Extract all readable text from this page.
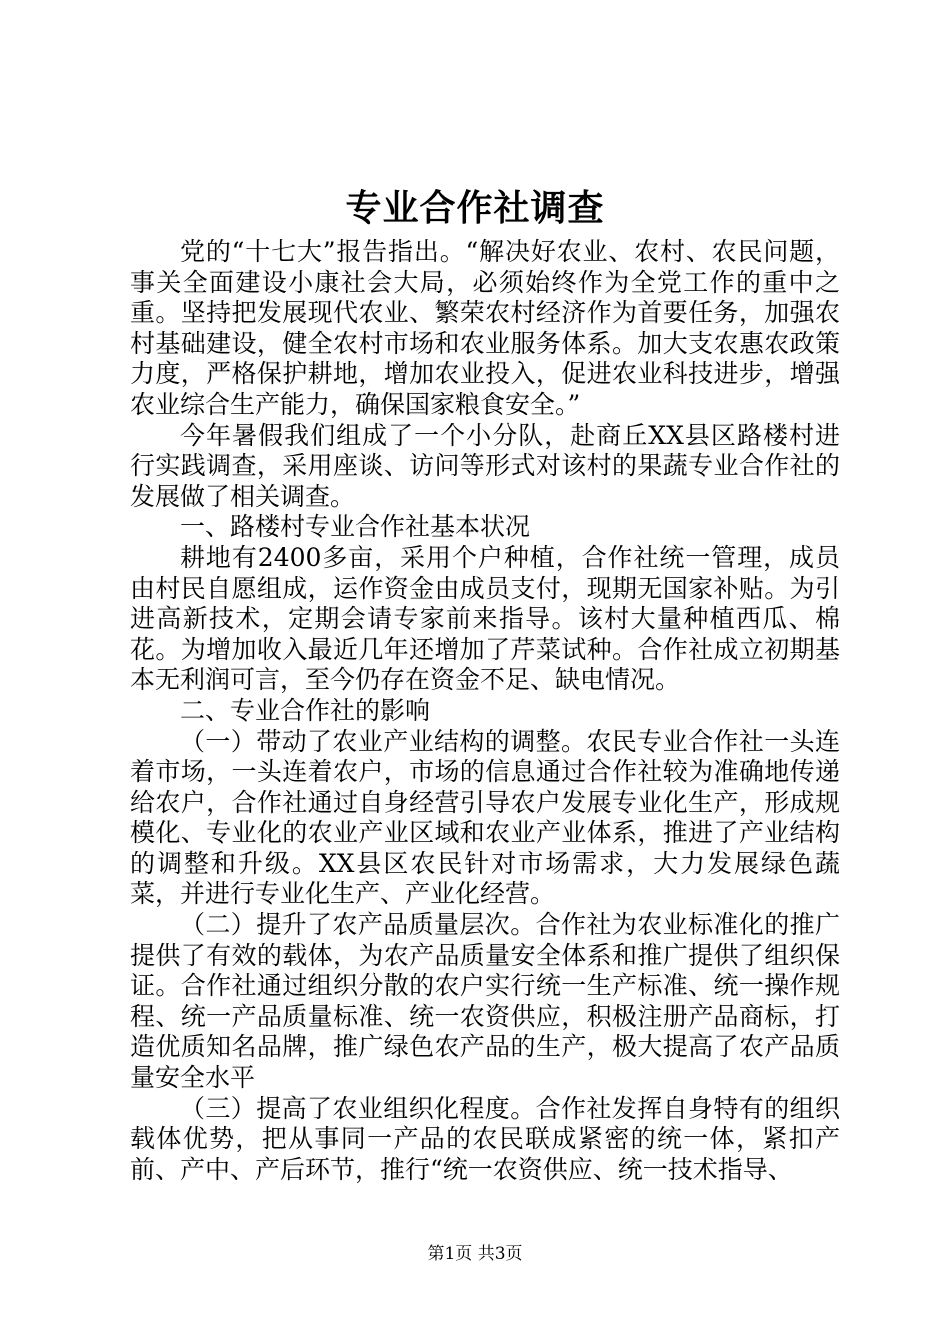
专业合作社调查

党的“十七大”报告指出。“解决好农业、农村、农民问题，事关全面建设小康社会大局，必须始终作为全党工作的重中之重。坚持把发展现代农业、繁荣农村经济作为首要任务，加强农村基础建设，健全农村市场和农业服务体系。加大支农惠农政策力度，严格保护耕地，增加农业投入，促进农业科技进步，增强农业综合生产能力，确保国家粮食安全。”

今年暑假我们组成了一个小分队，赴商丘XX县区路楼村进行实践调查，采用座谈、访问等形式对该村的果蔬专业合作社的发展做了相关调查。

一、路楼村专业合作社基本状况

耕地有2400多亩，采用个户种植，合作社统一管理，成员由村民自愿组成，运作资金由成员支付，现期无国家补贴。为引进高新技术，定期会请专家前来指导。该村大量种植西瓜、棉花。为增加收入最近几年还增加了芹菜试种。合作社成立初期基本无利润可言，至今仍存在资金不足、缺电情况。

二、专业合作社的影响

（一）带动了农业产业结构的调整。农民专业合作社一头连着市场，一头连着农户，市场的信息通过合作社较为准确地传递给农户，合作社通过自身经营引导农户发展专业化生产，形成规模化、专业化的农业产业区域和农业产业体系，推进了产业结构的调整和升级。XX县区农民针对市场需求，大力发展绿色蔬菜，并进行专业化生产、产业化经营。

（二）提升了农产品质量层次。合作社为农业标准化的推广提供了有效的载体，为农产品质量安全体系和推广提供了组织保证。合作社通过组织分散的农户实行统一生产标准、统一操作规程、统一产品质量标准、统一农资供应，积极注册产品商标，打造优质知名品牌，推广绿色农产品的生产，极大提高了农产品质量安全水平

（三）提高了农业组织化程度。合作社发挥自身特有的组织载体优势，把从事同一产品的农民联成紧密的统一体，紧扣产前、产中、产后环节，推行“统一农资供应、统一技术指导、

第1页 共3页
